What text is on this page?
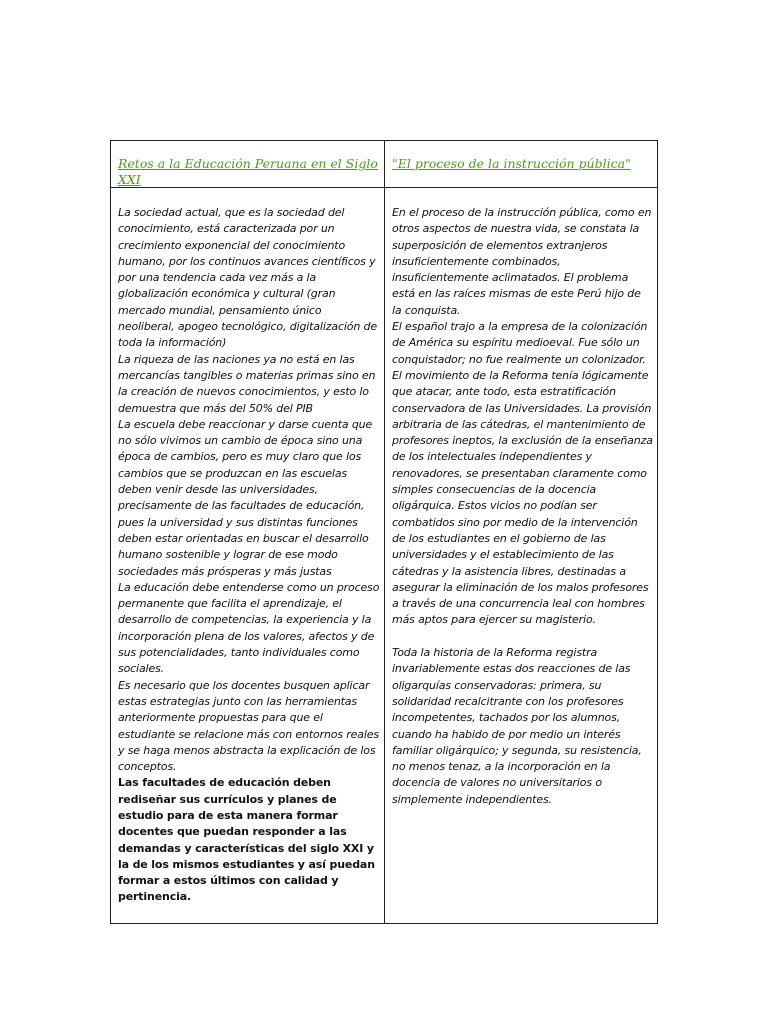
Retos a la Educación Peruana en el Siglo XXI
"El proceso de la instrucción pública"

La sociedad actual, que es la sociedad del conocimiento, está caracterizada por un crecimiento exponencial del conocimiento humano, por los continuos avances científicos y por una tendencia cada vez más a la globalización económica y cultural (gran mercado mundial, pensamiento único neoliberal, apogeo tecnológico, digitalización de toda la información)

La riqueza de las naciones ya no está en las mercancías tangibles o materias primas sino en la creación de nuevos conocimientos, y esto lo demuestra que más del 50% del PIB

La escuela debe reaccionar y darse cuenta que no sólo vivimos un cambio de época sino una época de cambios, pero es muy claro que los cambios que se produzcan en las escuelas deben venir desde las universidades, precisamente de las facultades de educación, pues la universidad y sus distintas funciones deben estar orientadas en buscar el desarrollo humano sostenible y lograr de ese modo sociedades más prósperas y más justas

La educación debe entenderse como un proceso permanente que facilita el aprendizaje, el desarrollo de competencias, la experiencia y la incorporación plena de los valores, afectos y de sus potencialidades, tanto individuales como sociales.

Es necesario que los docentes busquen aplicar estas estrategias junto con las herramientas anteriormente propuestas para que el estudiante se relacione más con entornos reales y se haga menos abstracta la explicación de los conceptos.

Las facultades de educación deben rediseñar sus currículos y planes de estudio para de esta manera formar docentes que puedan responder a las demandas y características del siglo XXI y la de los mismos estudiantes y así puedan formar a estos últimos con calidad y pertinencia.

En el proceso de la instrucción pública, como en otros aspectos de nuestra vida, se constata la superposición de elementos extranjeros insuficientemente combinados, insuficientemente aclimatados. El problema está en las raíces mismas de este Perú hijo de la conquista.

El español trajo a la empresa de la colonización de América su espíritu medioeval. Fue sólo un conquistador; no fue realmente un colonizador. El movimiento de la Reforma tenía lógicamente que atacar, ante todo, esta estratificación conservadora de las Universidades. La provisión arbitraria de las cátedras, el mantenimiento de profesores ineptos, la exclusión de la enseñanza de los intelectuales independientes y renovadores, se presentaban claramente como simples consecuencias de la docencia oligárquica. Estos vicios no podían ser combatidos sino por medio de la intervención de los estudiantes en el gobierno de las universidades y el establecimiento de las cátedras y la asistencia libres, destinadas a asegurar la eliminación de los malos profesores a través de una concurrencia leal con hombres más aptos para ejercer su magisterio.

Toda la historia de la Reforma registra invariablemente estas dos reacciones de las oligarquías conservadoras: primera, su solidaridad recalcitrante con los profesores incompetentes, tachados por los alumnos, cuando ha habido de por medio un interés familiar oligárquico; y segunda, su resistencia, no menos tenaz, a la incorporación en la docencia de valores no universitarios o simplemente independientes.
